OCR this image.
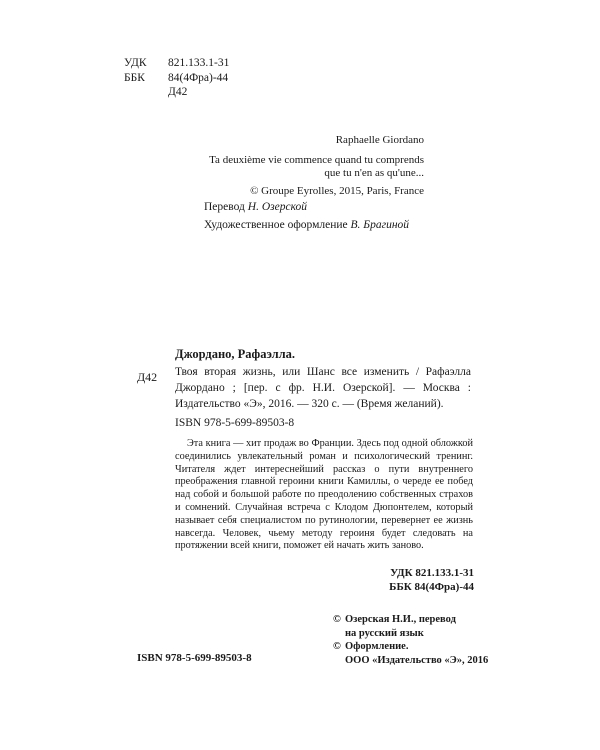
УДК	821.133.1-31
ББК	84(4Фра)-44
Д42
Raphaelle Giordano
Ta deuxième vie commence quand tu comprends
que tu n'en as qu'une...
© Groupe Eyrolles, 2015, Paris, France
Перевод Н. Озерской
Художественное оформление В. Брагиной
Джордано, Рафаэлла.
Д42 Твоя вторая жизнь, или Шанс все изменить / Рафаэлла Джордано ; [пер. с фр. Н.И. Озерской]. — Москва : Издательство «Э», 2016. — 320 с. — (Время желаний).
ISBN 978-5-699-89503-8

Эта книга — хит продаж во Франции. Здесь под одной обложкой соединились увлекательный роман и психологический тренинг. Читателя ждет интереснейший рассказ о пути внутреннего преображения главной героини книги Камиллы, о череде ее побед над собой и большой работе по преодолению собственных страхов и сомнений. Случайная встреча с Клодом Дюпонтелем, который называет себя специалистом по рутинологии, перевернет ее жизнь навсегда. Человек, чьему методу героиня будет следовать на протяжении всей книги, поможет ей начать жить заново.

УДК 821.133.1-31
ББК 84(4Фра)-44
© Озерская Н.И., перевод
на русский язык
© Оформление.
ООО «Издательство «Э», 2016
ISBN 978-5-699-89503-8
